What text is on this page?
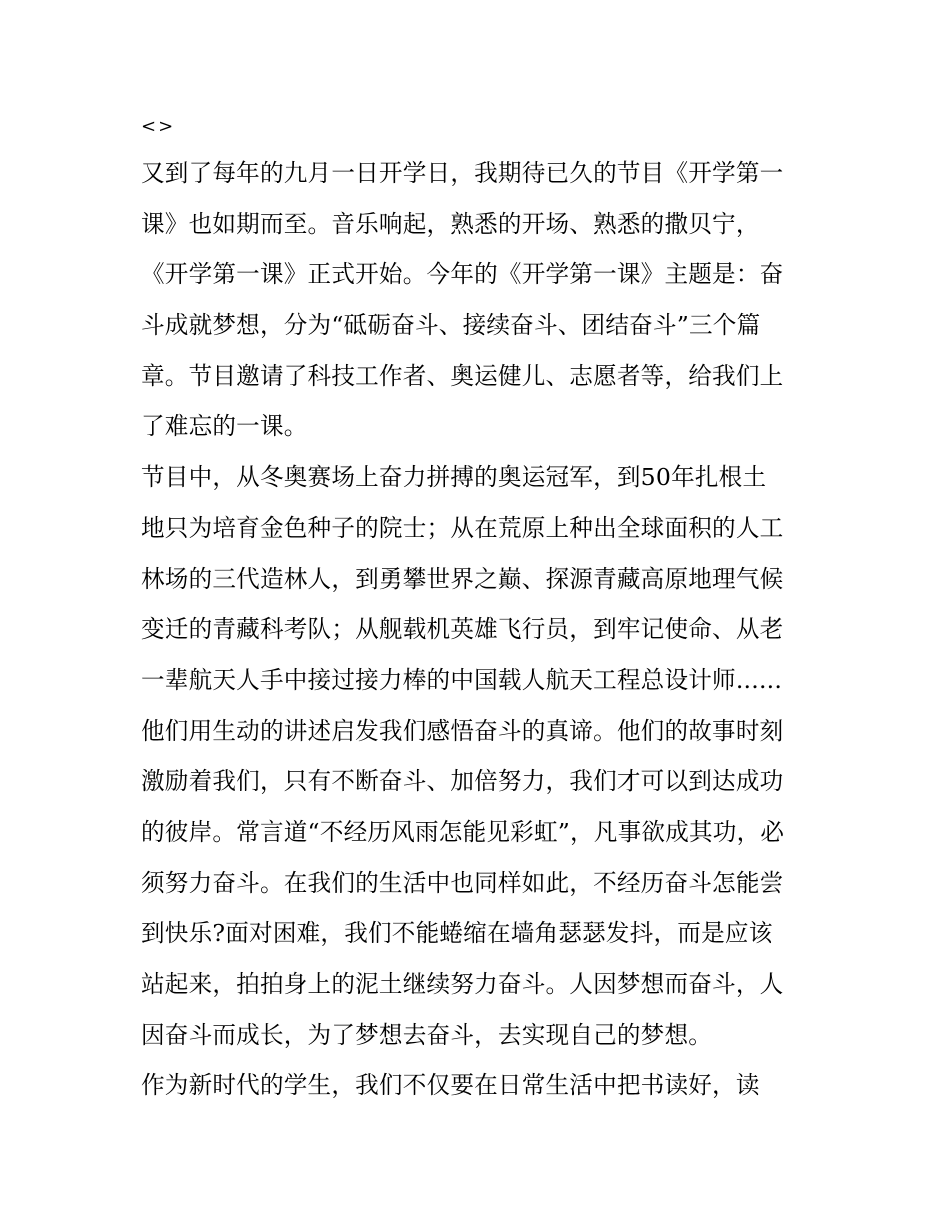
<>
又到了每年的九月一日开学日，我期待已久的节目《开学第一
课》也如期而至。音乐响起，熟悉的开场、熟悉的撒贝宁，
《开学第一课》正式开始。今年的《开学第一课》主题是：奋
斗成就梦想，分为“砥砺奋斗、接续奋斗、团结奋斗”三个篇
章。节目邀请了科技工作者、奥运健儿、志愿者等，给我们上
了难忘的一课。
节目中，从冬奥赛场上奋力拼搏的奥运冠军，到50年扎根土
地只为培育金色种子的院士；从在荒原上种出全球面积的人工
林场的三代造林人，到勇攀世界之巅、探源青藏高原地理气候
变迁的青藏科考队；从舰载机英雄飞行员，到牢记使命、从老
一辈航天人手中接过接力棒的中国载人航天工程总设计师......
他们用生动的讲述启发我们感悟奋斗的真谛。他们的故事时刻
激励着我们，只有不断奋斗、加倍努力，我们才可以到达成功
的彼岸。常言道“不经历风雨怎能见彩虹”，凡事欲成其功，必
须努力奋斗。在我们的生活中也同样如此，不经历奋斗怎能尝
到快乐?面对困难，我们不能蜷缩在墙角瑟瑟发抖，而是应该
站起来，拍拍身上的泥土继续努力奋斗。人因梦想而奋斗，人
因奋斗而成长，为了梦想去奋斗，去实现自己的梦想。
作为新时代的学生，我们不仅要在日常生活中把书读好，读
